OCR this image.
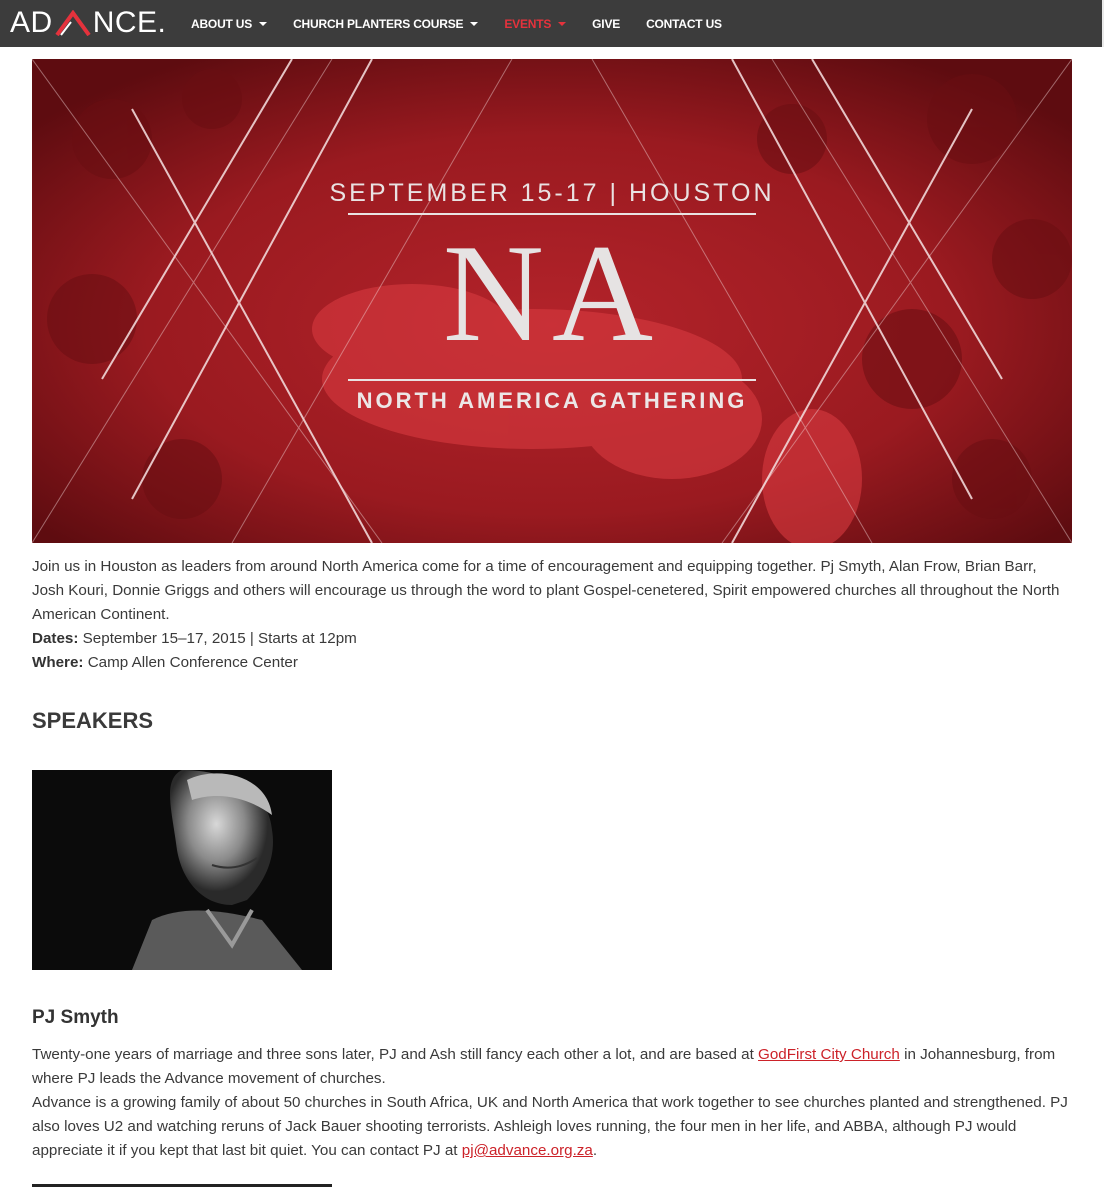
AD NCE. ABOUT US	CHURCH PLANTERS COURSE	EVENTS	GIVE CONTACT US
SEPTEMBER 15-17 | HOUSTON
NA
NORTH AMERICA GATHERING
Join us in Houston as leaders from around North America come for a time of encouragement and equipping together. Pj Smyth, Alan Frow, Brian Barr, Josh Kouri, Donnie Griggs and others will encourage us through the word to plant Gospel-cenetered, Spirit empowered churches all throughout the North American Continent.
Dates: September 15–17, 2015 | Starts at 12pm
Where: Camp Allen Conference Center
SPEAKERS
PJ Smyth
Twenty-one years of marriage and three sons later, PJ and Ash still fancy each other a lot, and are based at GodFirst City Church in Johannesburg, from where PJ leads the Advance movement of churches.
Advance is a growing family of about 50 churches in South Africa, UK and North America that work together to see churches planted and strengthened. PJ also loves U2 and watching reruns of Jack Bauer shooting terrorists. Ashleigh loves running, the four men in her life, and ABBA, although PJ would appreciate it if you kept that last bit quiet. You can contact PJ at pj@advance.org.za.
